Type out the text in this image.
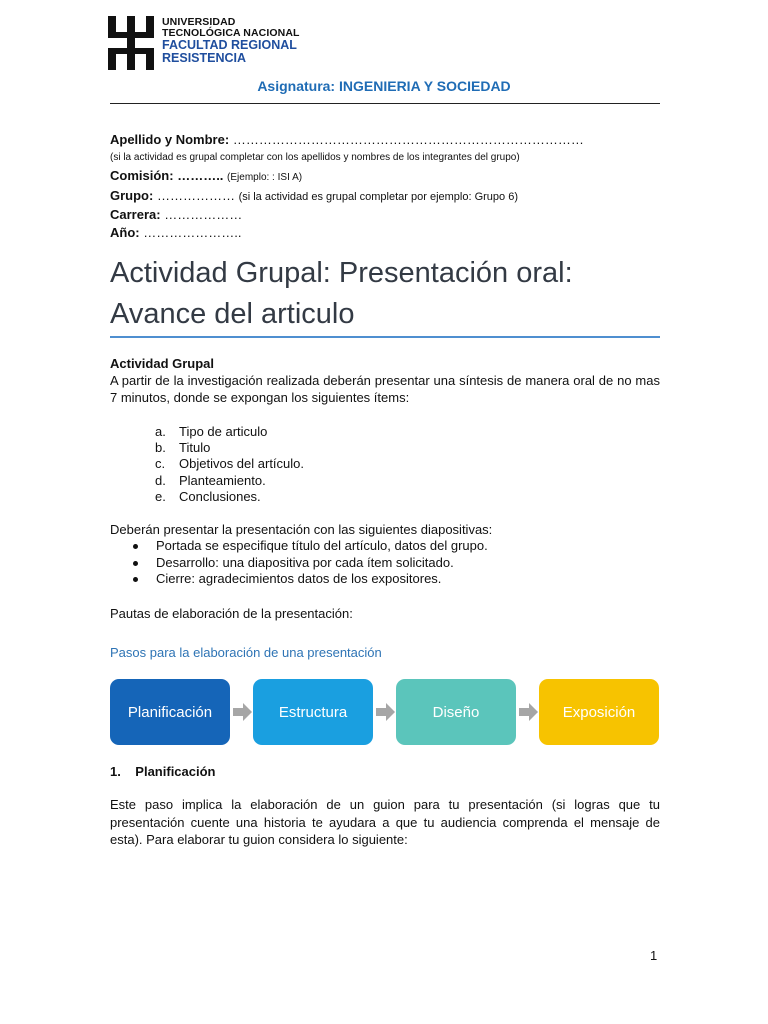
UNIVERSIDAD
TECNOLÓGICA NACIONAL
FACULTAD REGIONAL
RESISTENCIA
Asignatura: INGENIERIA Y SOCIEDAD
Apellido y Nombre: ………………………………………………………………………
(si la actividad es grupal completar con los apellidos y nombres de los integrantes del grupo)
Comisión: ……….. (Ejemplo: : ISI A)
Grupo: ……………… (si la actividad es grupal completar por ejemplo: Grupo 6)
Carrera: ………………
Año: …………………..
Actividad Grupal: Presentación oral:
Avance del articulo

Actividad Grupal

A partir de la investigación realizada deberán presentar una síntesis de manera oral de no mas 7 minutos, donde se expongan los siguientes ítems:

a. Tipo de articulo
b. Titulo
c. Objetivos del artículo.
d. Planteamiento.
e. Conclusiones.

Deberán presentar la presentación con las siguientes diapositivas:

Portada se especifique título del artículo, datos del grupo.
Desarrollo: una diapositiva por cada ítem solicitado.
Cierre: agradecimientos datos de los expositores.

Pautas de elaboración de la presentación:

Pasos para la elaboración de una presentación

Planificación	Estructura	Diseño	Exposición

1. Planificación

Este paso implica la elaboración de un guion para tu presentación (si logras que tu presentación cuente una historia te ayudara a que tu audiencia comprenda el mensaje de esta). Para elaborar tu guion considera lo siguiente:

1
